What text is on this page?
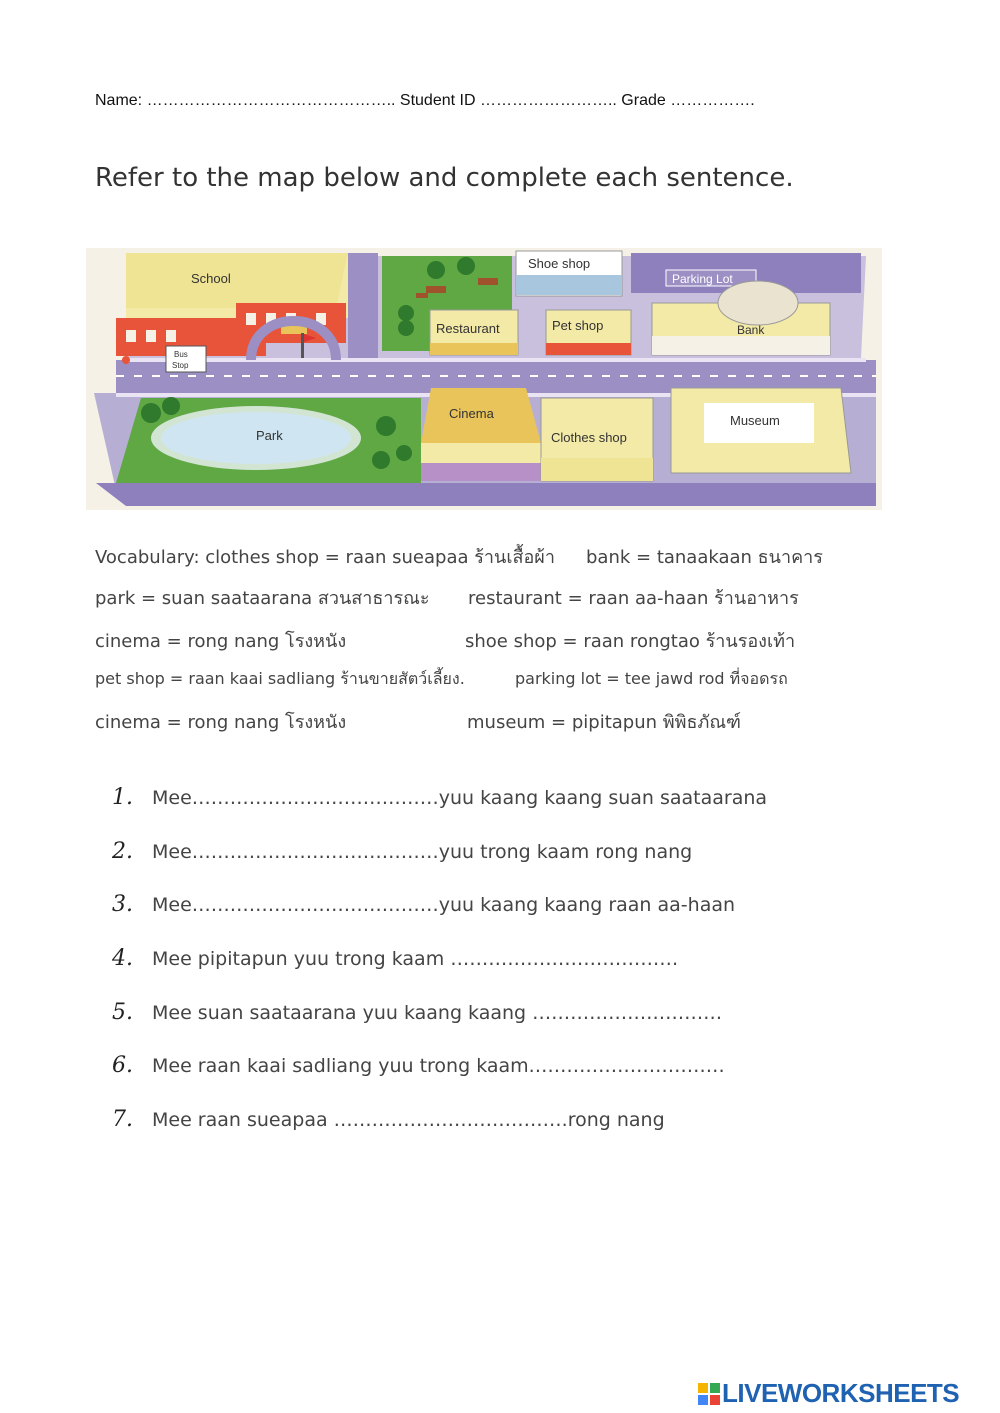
Name: ……………………………………….. Student ID …………………….. Grade …………….
Refer to the map below and complete each sentence.
School
Bus
Stop
Shoe shop
Parking Lot
Restaurant	Pet shop	Bank
Park
Cinema
Clothes shop
Museum
Vocabulary: clothes shop = raan sueapaa ร้านเสื้อผ้า bank = tanaakaan ธนาคาร
park = suan saataarana สวนสาธารณะ restaurant = raan aa-haan ร้านอาหาร
cinema = rong nang โรงหนัง	shoe shop = raan rongtao ร้านรองเท้า
pet shop = raan kaai sadliang ร้านขายสัตว์เลี้ยง.	parking lot = tee jawd rod ที่จอดรถ
cinema = rong nang โรงหนัง	museum = pipitapun พิพิธภัณฑ์
1. Mee…………………………………yuu kaang kaang suan saataarana
2. Mee…………………………………yuu trong kaam rong nang
3. Mee…………………………………yuu kaang kaang raan aa-haan
4. Mee pipitapun yuu trong kaam ………………………………
5. Mee suan saataarana yuu kaang kaang …………………………
6. Mee raan kaai sadliang yuu trong kaam.…………………………
7. Mee raan sueapaa ……………………………….rong nang
LIVEWORKSHEETS
